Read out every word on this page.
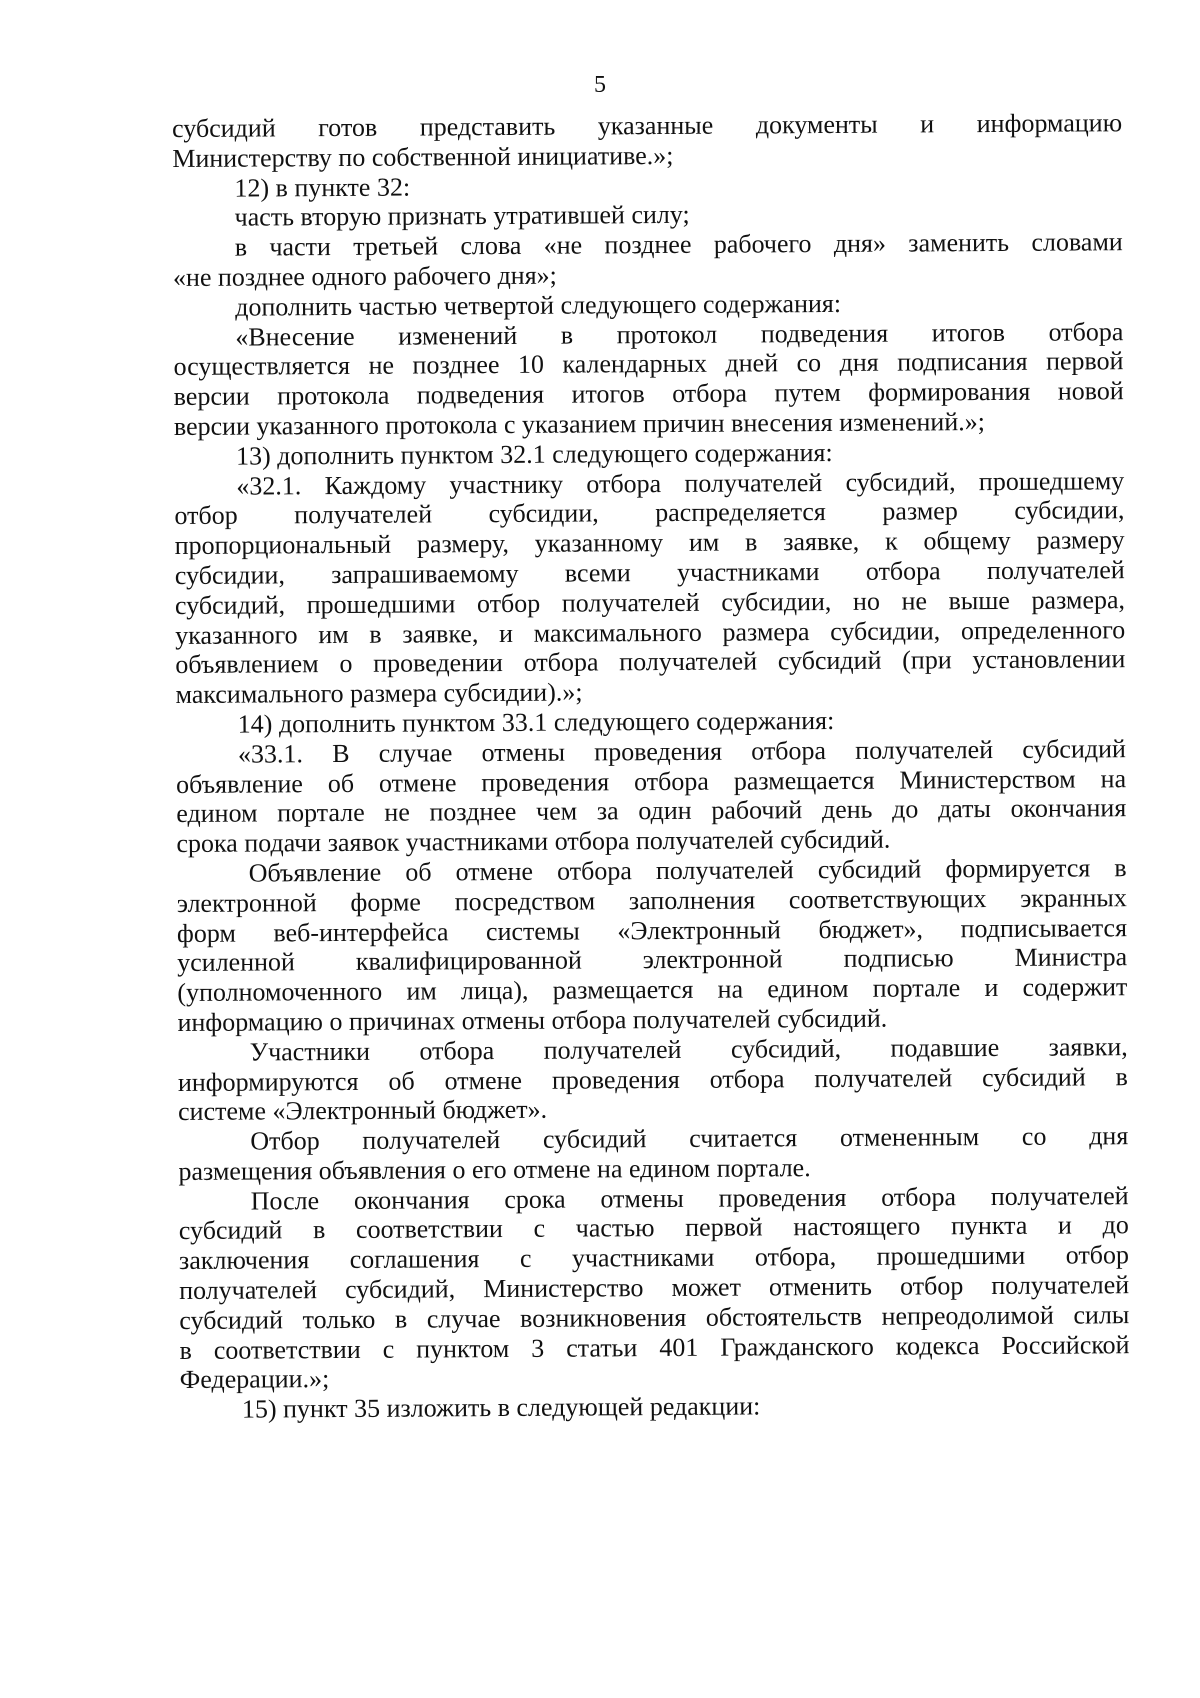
5
субсидий готов представить указанные документы и информацию
Министерству по собственной инициативе.»;
12) в пункте 32:
часть вторую признать утратившей силу;
в части третьей слова «не позднее рабочего дня» заменить словами
«не позднее одного рабочего дня»;
дополнить частью четвертой следующего содержания:
«Внесение изменений в протокол подведения итогов отбора
осуществляется не позднее 10 календарных дней со дня подписания первой
версии протокола подведения итогов отбора путем формирования новой
версии указанного протокола с указанием причин внесения изменений.»;
13) дополнить пунктом 32.1 следующего содержания:
«32.1. Каждому участнику отбора получателей субсидий, прошедшему
отбор получателей субсидии, распределяется размер субсидии,
пропорциональный размеру, указанному им в заявке, к общему размеру
субсидии, запрашиваемому всеми участниками отбора получателей
субсидий, прошедшими отбор получателей субсидии, но не выше размера,
указанного им в заявке, и максимального размера субсидии, определенного
объявлением о проведении отбора получателей субсидий (при установлении
максимального размера субсидии).»;
14) дополнить пунктом 33.1 следующего содержания:
«33.1. В случае отмены проведения отбора получателей субсидий
объявление об отмене проведения отбора размещается Министерством на
едином портале не позднее чем за один рабочий день до даты окончания
срока подачи заявок участниками отбора получателей субсидий.
Объявление об отмене отбора получателей субсидий формируется в
электронной форме посредством заполнения соответствующих экранных
форм веб-интерфейса системы «Электронный бюджет», подписывается
усиленной квалифицированной электронной подписью Министра
(уполномоченного им лица), размещается на едином портале и содержит
информацию о причинах отмены отбора получателей субсидий.
Участники отбора получателей субсидий, подавшие заявки,
информируются об отмене проведения отбора получателей субсидий в
системе «Электронный бюджет».
Отбор получателей субсидий считается отмененным со дня
размещения объявления о его отмене на едином портале.
После окончания срока отмены проведения отбора получателей
субсидий в соответствии с частью первой настоящего пункта и до
заключения соглашения с участниками отбора, прошедшими отбор
получателей субсидий, Министерство может отменить отбор получателей
субсидий только в случае возникновения обстоятельств непреодолимой силы
в соответствии с пунктом 3 статьи 401 Гражданского кодекса Российской
Федерации.»;
15) пункт 35 изложить в следующей редакции:
